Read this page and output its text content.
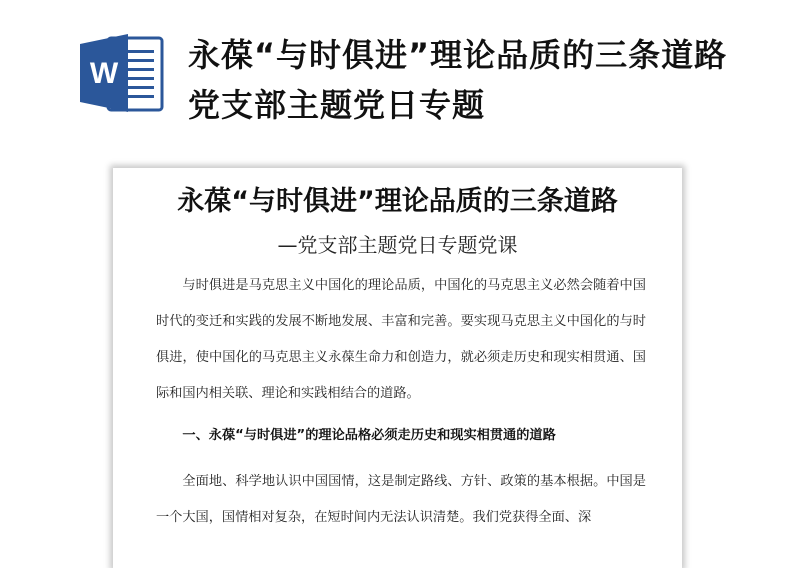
W 永葆“与时俱进”理论品质的三条道路党支部主题党日专题
永葆“与时俱进”理论品质的三条道路
—党支部主题党日专题党课

与时俱进是马克思主义中国化的理论品质，中国化的马克思主义必然会随着中国时代的变迁和实践的发展不断地发展、丰富和完善。要实现马克思主义中国化的与时俱进，使中国化的马克思主义永葆生命力和创造力，就必须走历史和现实相贯通、国际和国内相关联、理论和实践相结合的道路。

一、永葆“与时俱进”的理论品格必须走历史和现实相贯通的道路

全面地、科学地认识中国国情，这是制定路线、方针、政策的基本根据。中国是一个大国，国情相对复杂，在短时间内无法认识清楚。我们党获得全面、深
